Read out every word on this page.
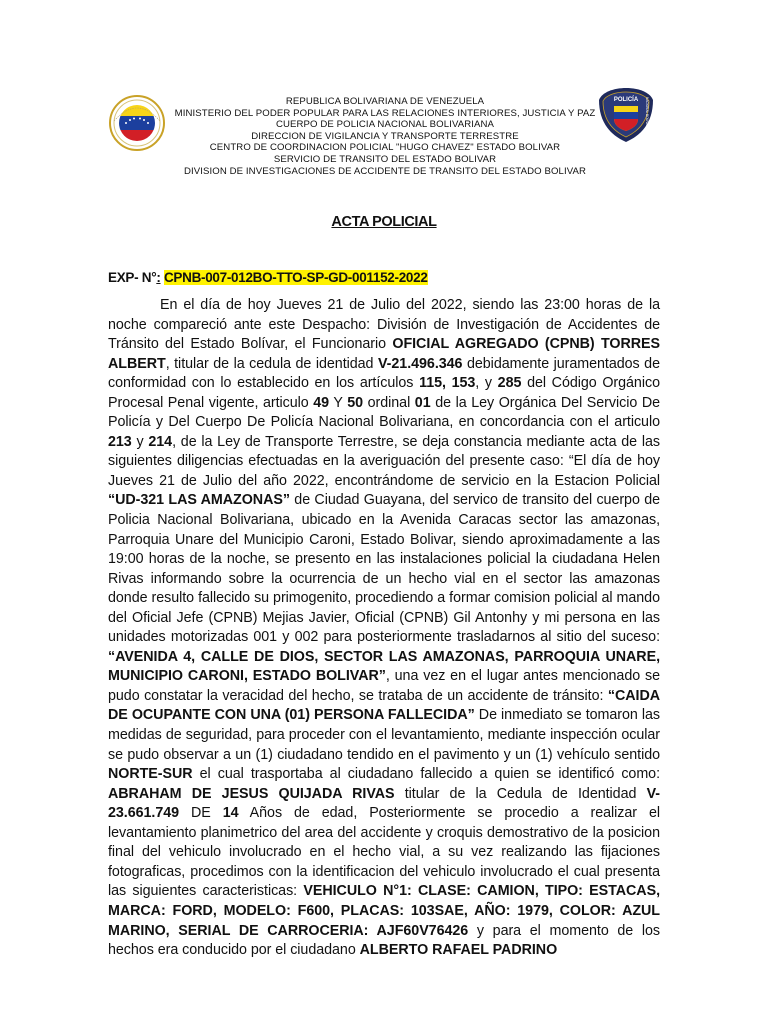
POLICÍA NACIONAL BOLIVARIANA
REPUBLICA BOLIVARIANA DE VENEZUELA
MINISTERIO DEL PODER POPULAR PARA LAS RELACIONES INTERIORES, JUSTICIA Y PAZ
CUERPO DE POLICIA NACIONAL BOLIVARIANA
DIRECCION DE VIGILANCIA Y TRANSPORTE TERRESTRE
CENTRO DE COORDINACION POLICIAL "HUGO CHAVEZ" ESTADO BOLIVAR
SERVICIO DE TRANSITO DEL ESTADO BOLIVAR
DIVISION DE INVESTIGACIONES DE ACCIDENTE DE TRANSITO DEL ESTADO BOLIVAR
ACTA POLICIAL
EXP- N°: CPNB-007-012BO-TTO-SP-GD-001152-2022
En el día de hoy Jueves 21 de Julio del 2022, siendo las 23:00 horas de la noche compareció ante este Despacho: División de Investigación de Accidentes de Tránsito del Estado Bolívar, el Funcionario OFICIAL AGREGADO (CPNB) TORRES ALBERT, titular de la cedula de identidad V-21.496.346 debidamente juramentados de conformidad con lo establecido en los artículos 115, 153, y 285 del Código Orgánico Procesal Penal vigente, articulo 49 Y 50 ordinal 01 de la Ley Orgánica Del Servicio De Policía y Del Cuerpo De Policía Nacional Bolivariana, en concordancia con el articulo 213 y 214, de la Ley de Transporte Terrestre, se deja constancia mediante acta de las siguientes diligencias efectuadas en la averiguación del presente caso: “El día de hoy Jueves 21 de Julio del año 2022, encontrándome de servicio en la Estacion Policial “UD-321 LAS AMAZONAS” de Ciudad Guayana, del servico de transito del cuerpo de Policia Nacional Bolivariana, ubicado en la Avenida Caracas sector las amazonas, Parroquia Unare del Municipio Caroni, Estado Bolivar, siendo aproximadamente a las 19:00 horas de la noche, se presento en las instalaciones policial la ciudadana Helen Rivas informando sobre la ocurrencia de un hecho vial en el sector las amazonas donde resulto fallecido su primogenito, procediendo a formar comision policial al mando del Oficial Jefe (CPNB) Mejias Javier, Oficial (CPNB) Gil Antonhy y mi persona en las unidades motorizadas 001 y 002 para posteriormente trasladarnos al sitio del suceso: “AVENIDA 4, CALLE DE DIOS, SECTOR LAS AMAZONAS, PARROQUIA UNARE, MUNICIPIO CARONI, ESTADO BOLIVAR”, una vez en el lugar antes mencionado se pudo constatar la veracidad del hecho, se trataba de un accidente de tránsito: “CAIDA DE OCUPANTE CON UNA (01) PERSONA FALLECIDA” De inmediato se tomaron las medidas de seguridad, para proceder con el levantamiento, mediante inspección ocular se pudo observar a un (1) ciudadano tendido en el pavimento y un (1) vehículo sentido NORTE-SUR el cual trasportaba al ciudadano fallecido a quien se identificó como: ABRAHAM DE JESUS QUIJADA RIVAS titular de la Cedula de Identidad V-23.661.749 DE 14 Años de edad, Posteriormente se procedio a realizar el levantamiento planimetrico del area del accidente y croquis demostrativo de la posicion final del vehiculo involucrado en el hecho vial, a su vez realizando las fijaciones fotograficas, procedimos con la identificacion del vehiculo involucrado el cual presenta las siguientes caracteristicas: VEHICULO N°1: CLASE: CAMION, TIPO: ESTACAS, MARCA: FORD, MODELO: F600, PLACAS: 103SAE, AÑO: 1979, COLOR: AZUL MARINO, SERIAL DE CARROCERIA: AJF60V76426 y para el momento de los hechos era conducido por el ciudadano ALBERTO RAFAEL PADRINO
